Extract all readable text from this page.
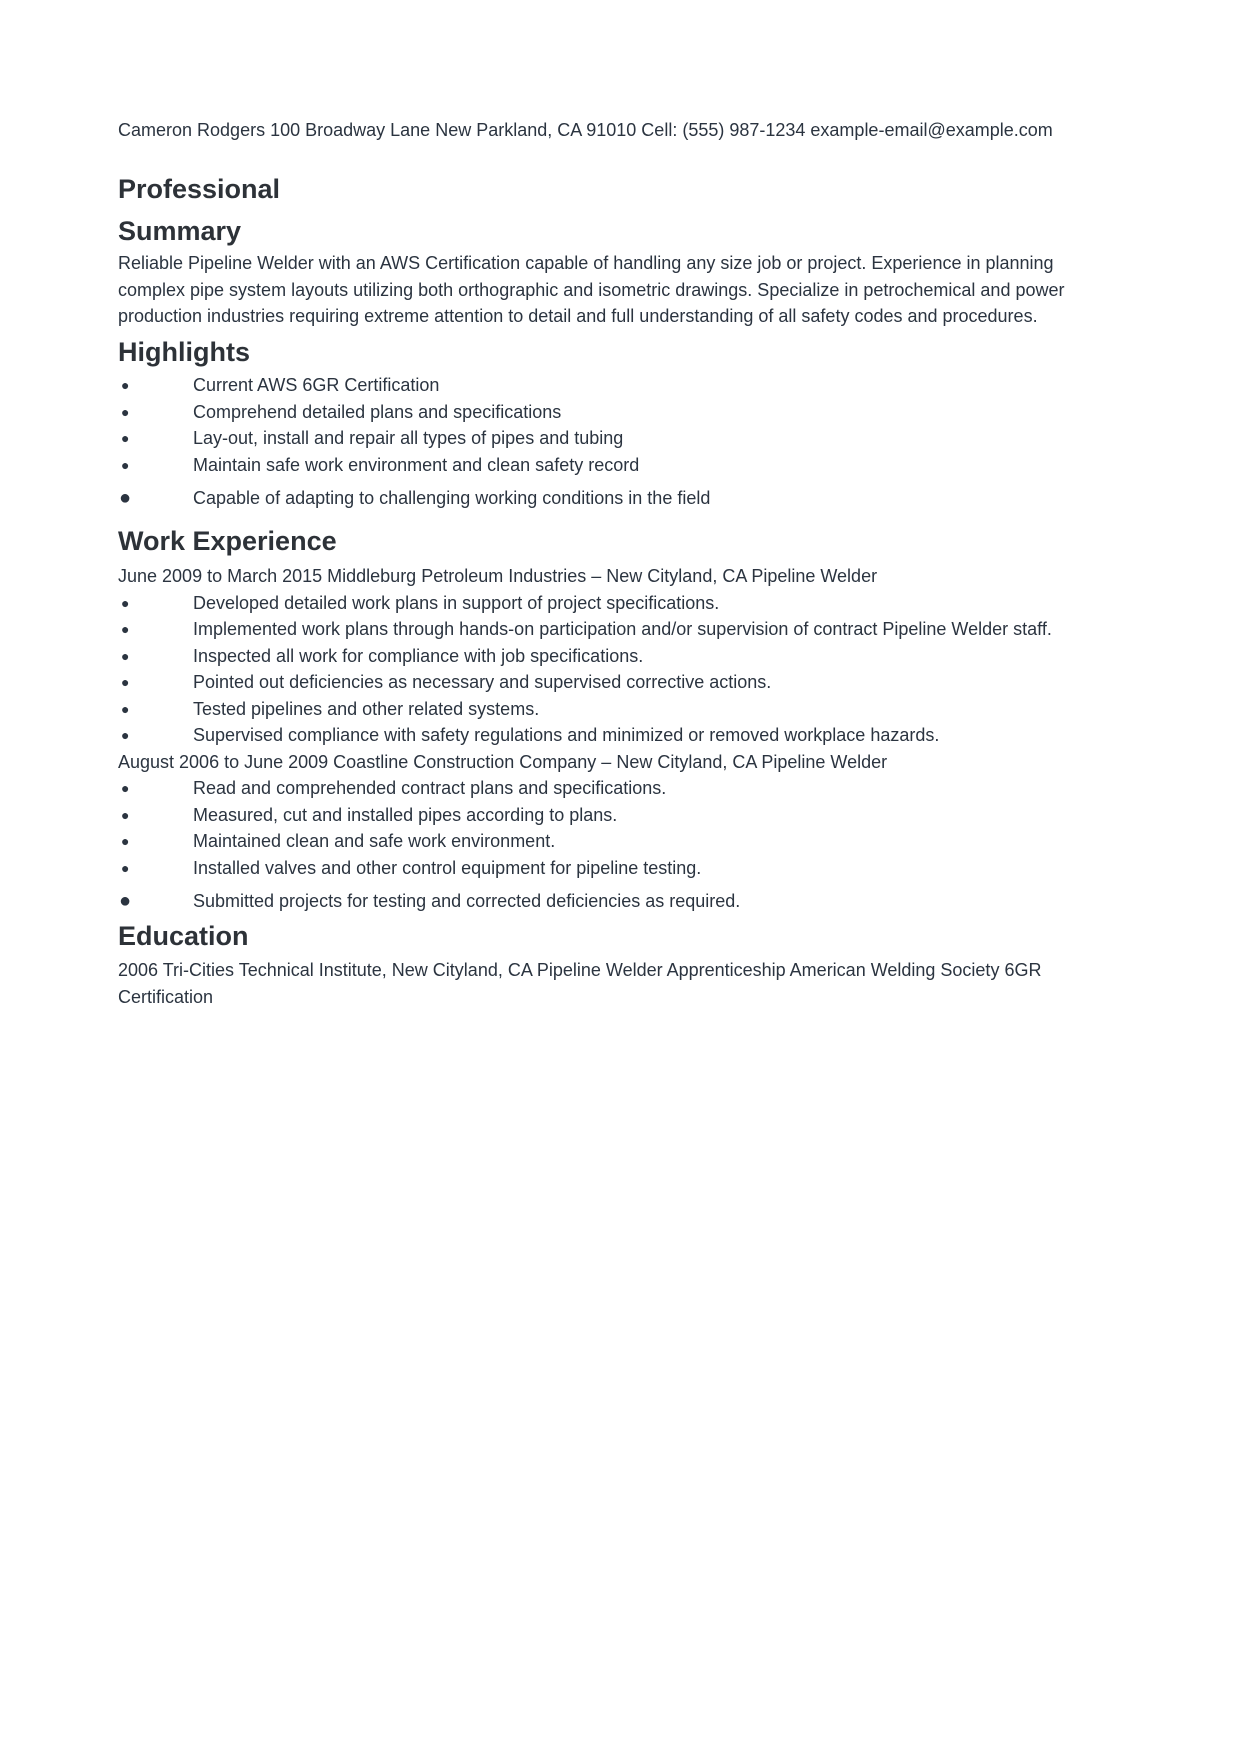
Cameron Rodgers 100 Broadway Lane New Parkland, CA 91010 Cell: (555) 987-1234 example-email@example.com
Professional
Summary
Reliable Pipeline Welder with an AWS Certification capable of handling any size job or project. Experience in planning complex pipe system layouts utilizing both orthographic and isometric drawings. Specialize in petrochemical and power production industries requiring extreme attention to detail and full understanding of all safety codes and procedures.
Highlights
●	Current AWS 6GR Certification
●	Comprehend detailed plans and specifications
●	Lay-out, install and repair all types of pipes and tubing
●	Maintain safe work environment and clean safety record
●	Capable of adapting to challenging working conditions in the field
Work Experience
June 2009 to March 2015 Middleburg Petroleum Industries – New Cityland, CA Pipeline Welder
●	Developed detailed work plans in support of project specifications.
●	Implemented work plans through hands-on participation and/or supervision of contract Pipeline Welder staff.
●	Inspected all work for compliance with job specifications.
●	Pointed out deficiencies as necessary and supervised corrective actions.
●	Tested pipelines and other related systems.
●	Supervised compliance with safety regulations and minimized or removed workplace hazards.
August 2006 to June 2009 Coastline Construction Company – New Cityland, CA Pipeline Welder
●	Read and comprehended contract plans and specifications.
●	Measured, cut and installed pipes according to plans.
●	Maintained clean and safe work environment.
●	Installed valves and other control equipment for pipeline testing.
●	Submitted projects for testing and corrected deficiencies as required.
Education
2006 Tri-Cities Technical Institute, New Cityland, CA Pipeline Welder Apprenticeship American Welding Society 6GR Certification
